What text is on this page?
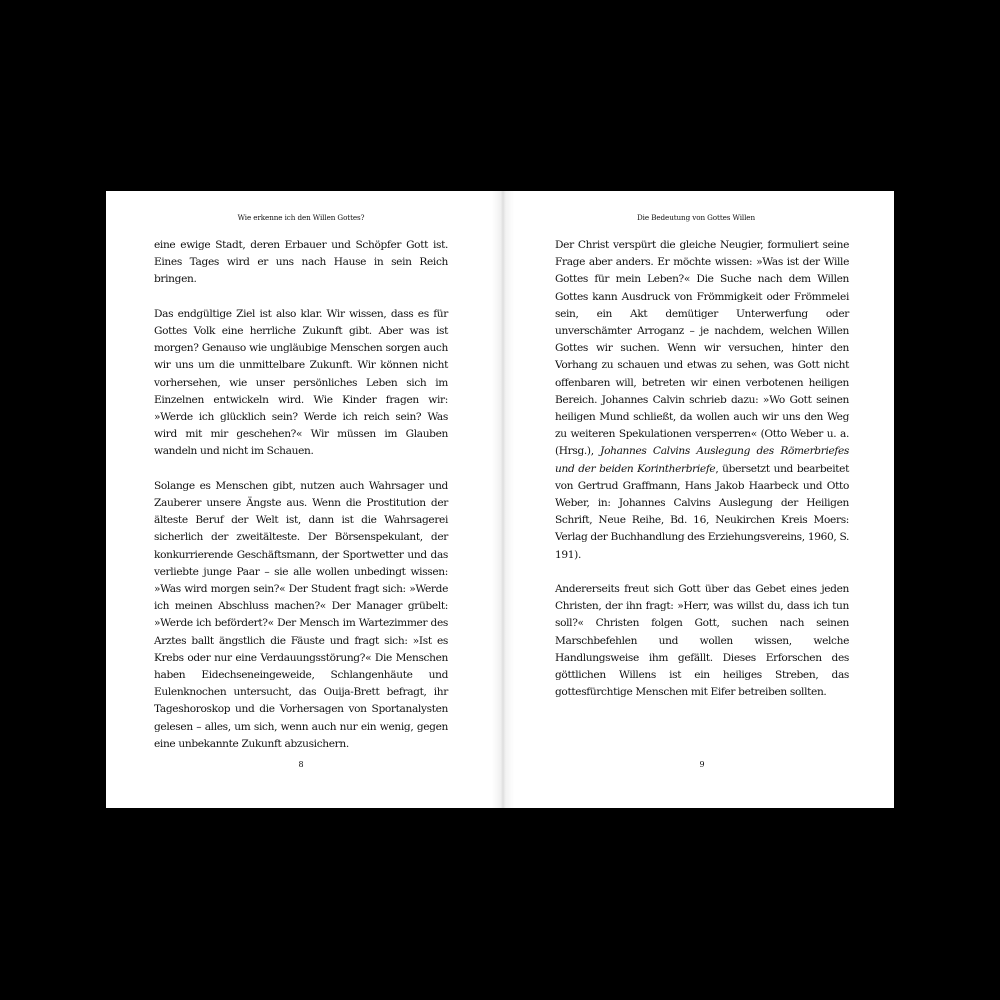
Wie erkenne ich den Willen Gottes?

eine ewige Stadt, deren Erbauer und Schöpfer Gott ist. Eines Tages wird er uns nach Hause in sein Reich bringen.

Das endgültige Ziel ist also klar. Wir wissen, dass es für Gottes Volk eine herrliche Zukunft gibt. Aber was ist morgen? Genauso wie ungläubige Menschen sorgen auch wir uns um die unmittelbare Zukunft. Wir können nicht vorhersehen, wie unser persönliches Leben sich im Einzelnen entwickeln wird. Wie Kinder fragen wir: »Werde ich glücklich sein? Werde ich reich sein? Was wird mit mir geschehen?« Wir müssen im Glauben wandeln und nicht im Schauen.

Solange es Menschen gibt, nutzen auch Wahrsager und Zauberer unsere Ängste aus. Wenn die Prostitution der älteste Beruf der Welt ist, dann ist die Wahrsagerei sicherlich der zweitälteste. Der Börsenspekulant, der konkurrierende Geschäftsmann, der Sportwetter und das verliebte junge Paar – sie alle wollen unbedingt wissen: »Was wird morgen sein?« Der Student fragt sich: »Werde ich meinen Abschluss machen?« Der Manager grübelt: »Werde ich befördert?« Der Mensch im Wartezimmer des Arztes ballt ängstlich die Fäuste und fragt sich: »Ist es Krebs oder nur eine Verdauungsstörung?« Die Menschen haben Eidechseneingeweide, Schlangenhäute und Eulenknochen untersucht, das Ouija-Brett befragt, ihr Tageshoroskop und die Vorhersagen von Sportanalysten gelesen – alles, um sich, wenn auch nur ein wenig, gegen eine unbekannte Zukunft abzusichern.

8
Die Bedeutung von Gottes Willen

Der Christ verspürt die gleiche Neugier, formuliert seine Frage aber anders. Er möchte wissen: »Was ist der Wille Gottes für mein Leben?« Die Suche nach dem Willen Gottes kann Ausdruck von Frömmigkeit oder Frömmelei sein, ein Akt demütiger Unterwerfung oder unverschämter Arroganz – je nachdem, welchen Willen Gottes wir suchen. Wenn wir versuchen, hinter den Vorhang zu schauen und etwas zu sehen, was Gott nicht offenbaren will, betreten wir einen verbotenen heiligen Bereich. Johannes Calvin schrieb dazu: »Wo Gott seinen heiligen Mund schließt, da wollen auch wir uns den Weg zu weiteren Spekulationen versperren« (Otto Weber u. a. (Hrsg.), Johannes Calvins Auslegung des Römerbriefes und der beiden Korintherbriefe, übersetzt und bearbeitet von Gertrud Graffmann, Hans Jakob Haarbeck und Otto Weber, in: Johannes Calvins Auslegung der Heiligen Schrift, Neue Reihe, Bd. 16, Neukirchen Kreis Moers: Verlag der Buchhandlung des Erziehungsvereins, 1960, S. 191).

Andererseits freut sich Gott über das Gebet eines jeden Christen, der ihn fragt: »Herr, was willst du, dass ich tun soll?« Christen folgen Gott, suchen nach seinen Marschbefehlen und wollen wissen, welche Handlungsweise ihm gefällt. Dieses Erforschen des göttlichen Willens ist ein heiliges Streben, das gottesfürchtige Menschen mit Eifer betreiben sollten.

9
